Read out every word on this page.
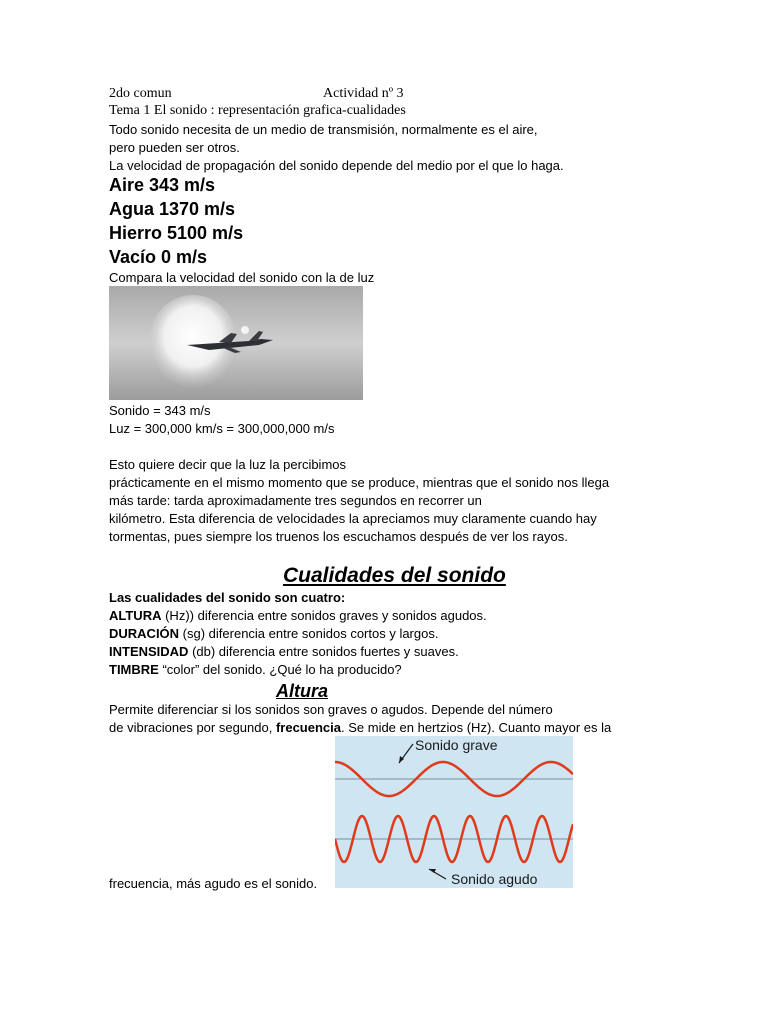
2do comun	Actividad nº 3
Tema 1 El sonido : representación grafica-cualidades
Todo sonido necesita de un medio de transmisión, normalmente es el aire,
pero pueden ser otros.
La velocidad de propagación del sonido depende del medio por el que lo haga.
Aire 343 m/s
Agua 1370 m/s
Hierro 5100 m/s
Vacío 0 m/s
Compara la velocidad del sonido con la de luz
Sonido = 343 m/s
Luz = 300,000 km/s = 300,000,000 m/s
Esto quiere decir que la luz la percibimos
prácticamente en el mismo momento que se produce, mientras que el sonido nos llega
más tarde: tarda aproximadamente tres segundos en recorrer un
kilómetro. Esta diferencia de velocidades la apreciamos muy claramente cuando hay
tormentas, pues siempre los truenos los escuchamos después de ver los rayos.
Cualidades del sonido
Las cualidades del sonido son cuatro:
ALTURA (Hz)) diferencia entre sonidos graves y sonidos agudos.
DURACIÓN (sg) diferencia entre sonidos cortos y largos.
INTENSIDAD (db) diferencia entre sonidos fuertes y suaves.
TIMBRE “color” del sonido. ¿Qué lo ha producido?
Altura
Permite diferenciar si los sonidos son graves o agudos. Depende del número
de vibraciones por segundo, frecuencia. Se mide en hertzios (Hz). Cuanto mayor es la
frecuencia, más agudo es el sonido.
Sonido grave
Sonido agudo
